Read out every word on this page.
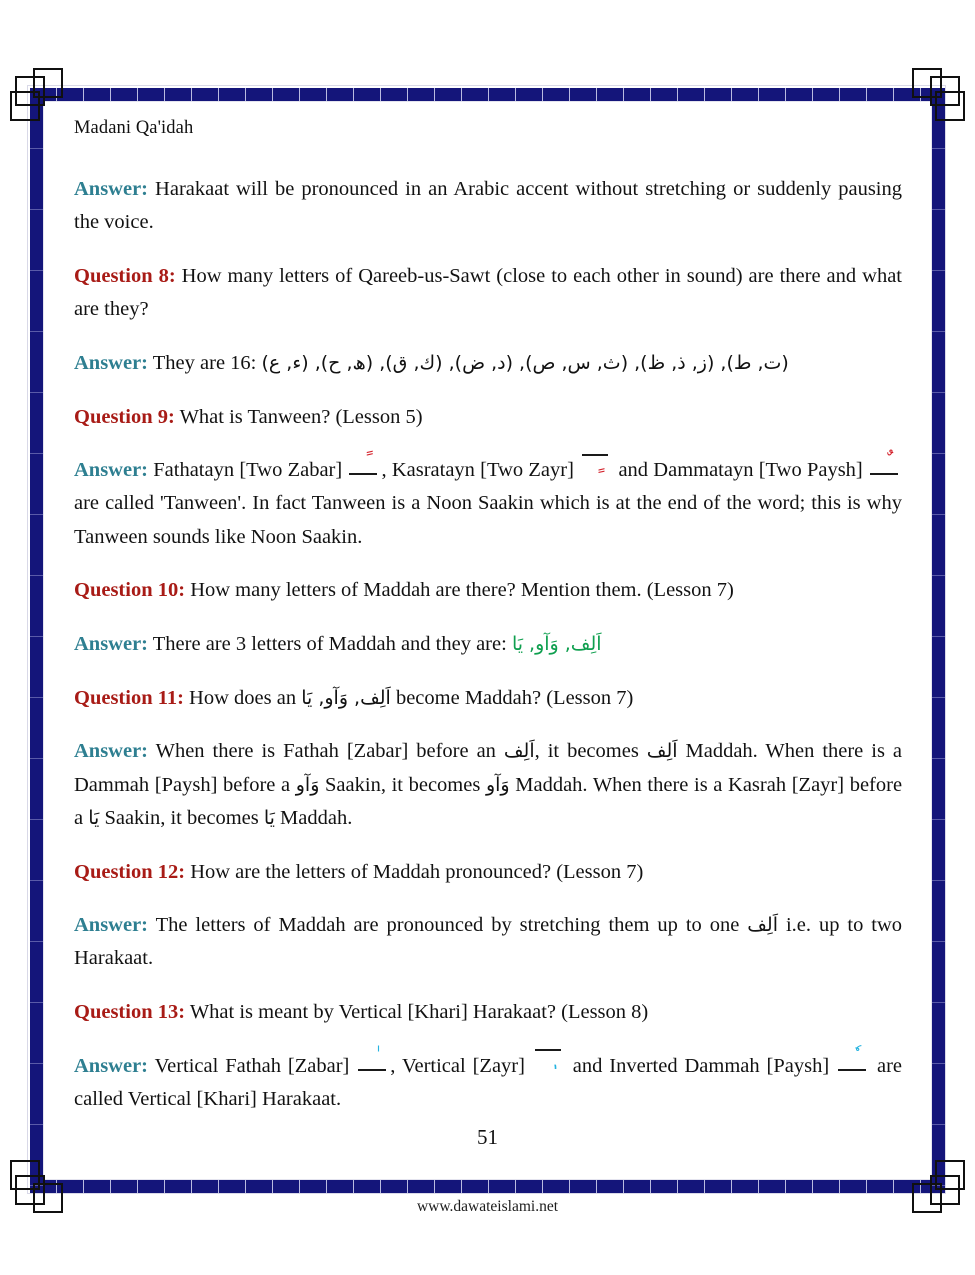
Madani Qa'idah

Answer: Harakaat will be pronounced in an Arabic accent without stretching or suddenly pausing the voice.

Question 8: How many letters of Qareeb-us-Sawt (close to each other in sound) are there and what are they?

Answer: They are 16: (ت, ط), (ز, ذ, ظ), (ث, س, ص), (د, ض), (ك, ق), (ھ, ح), (ء, ع)

Question 9: What is Tanween? (Lesson 5)

Answer: Fathatayn [Two Zabar] , Kasratayn [Two Zayr] and Dammatayn [Two Paysh]
are called 'Tanween'. In fact Tanween is a Noon Saakin which is at the end of the word; this is why Tanween sounds like Noon Saakin.

Question 10: How many letters of Maddah are there? Mention them. (Lesson 7)

Answer: There are 3 letters of Maddah and they are: اَلِف, وَآو, یَا

Question 11: How does an اَلِف, وَآو, یَا become Maddah? (Lesson 7)

Answer: When there is Fathah [Zabar] before an اَلِف, it becomes اَلِف Maddah. When there is a Dammah [Paysh] before a وَآو Saakin, it becomes وَآو Maddah. When there is a Kasrah [Zayr] before a یَا Saakin, it becomes یَا Maddah.

Question 12: How are the letters of Maddah pronounced? (Lesson 7)

Answer: The letters of Maddah are pronounced by stretching them up to one اَلِف i.e. up to two Harakaat.

Question 13: What is meant by Vertical [Khari] Harakaat? (Lesson 8)

Answer: Vertical Fathah [Zabar] , Vertical [Zayr] and Inverted Dammah [Paysh] are called Vertical [Khari] Harakaat.

51
www.dawateislami.net
